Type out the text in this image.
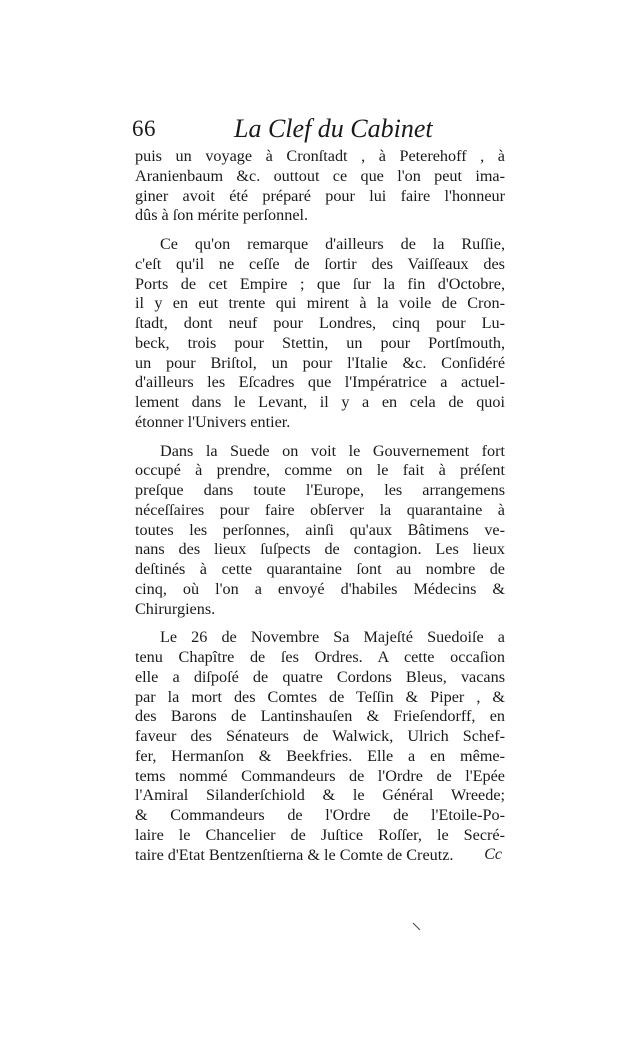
66	La Clef du Cabinet
puis un voyage à Cronſtadt , à Peterehoff , à
Aranienbaum &c. outtout ce que l'on peut ima-
giner avoit été préparé pour lui faire l'honneur
dûs à ſon mérite perſonnel.
Ce qu'on remarque d'ailleurs de la Ruſſie,
c'eſt qu'il ne ceſſe de ſortir des Vaiſſeaux des
Ports de cet Empire ; que ſur la fin d'Octobre,
il y en eut trente qui mirent à la voile de Cron-
ſtadt, dont neuf pour Londres, cinq pour Lu-
beck, trois pour Stettin, un pour Portſmouth,
un pour Briſtol, un pour l'Italie &c. Conſidéré
d'ailleurs les Eſcadres que l'Impératrice a actuel-
lement dans le Levant, il y a en cela de quoi
étonner l'Univers entier.
Dans la Suede on voit le Gouvernement fort
occupé à prendre, comme on le fait à préſent
preſque dans toute l'Europe, les arrangemens
néceſſaires pour faire obſerver la quarantaine à
toutes les perſonnes, ainſi qu'aux Bâtimens ve-
nans des lieux ſuſpects de contagion. Les lieux
deſtinés à cette quarantaine ſont au nombre de
cinq, où l'on a envoyé d'habiles Médecins &
Chirurgiens.
Le 26 de Novembre Sa Majeſté Suedoiſe a
tenu Chapître de ſes Ordres. A cette occaſion
elle a diſpoſé de quatre Cordons Bleus, vacans
par la mort des Comtes de Teſſin & Piper , &
des Barons de Lantinshauſen & Frieſendorff, en
faveur des Sénateurs de Walwick, Ulrich Schef-
fer, Hermanſon & Beekfries. Elle a en même-
tems nommé Commandeurs de l'Ordre de l'Epée
l'Amiral Silanderſchiold & le Général Wreede;
& Commandeurs de l'Ordre de l'Etoile-Po-
laire le Chancelier de Juſtice Roſſer, le Secré-
taire d'Etat Bentzenſtierna & le Comte de Creutz.	Cc
